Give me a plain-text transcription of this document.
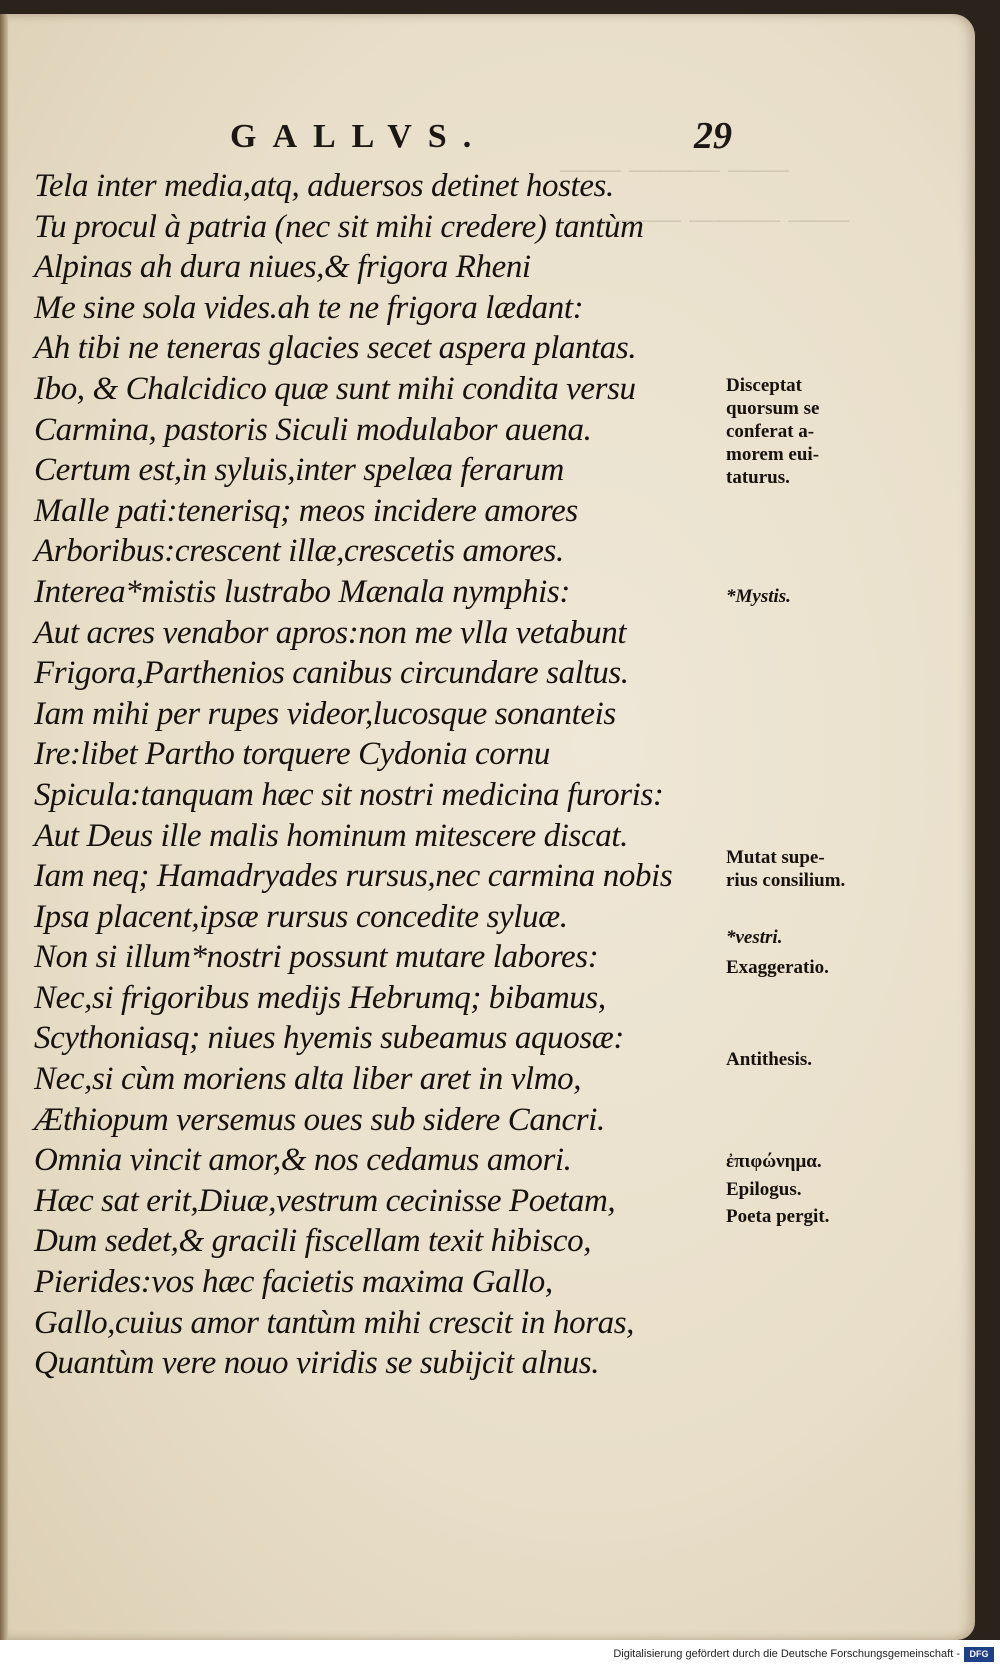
—— ——— ——
———— ——— ——
GALLVS.	29
Tela inter media,atq, aduersos detinet hostes.
Tu procul à patria (nec sit mihi credere) tantùm
Alpinas ah dura niues,& frigora Rheni
Me sine sola vides.ah te ne frigora lædant:
Ah tibi ne teneras glacies secet aspera plantas.
Ibo, & Chalcidico quæ sunt mihi condita versu
Carmina, pastoris Siculi modulabor auena.
Certum est,in syluis,inter spelæa ferarum
Malle pati:tenerisq; meos incidere amores
Arboribus:crescent illæ,crescetis amores.
Interea*mistis lustrabo Mænala nymphis:
Aut acres venabor apros:non me vlla vetabunt
Frigora,Parthenios canibus circundare saltus.
Iam mihi per rupes videor,lucosque sonanteis
Ire:libet Partho torquere Cydonia cornu
Spicula:tanquam hæc sit nostri medicina furoris:
Aut Deus ille malis hominum mitescere discat.
Iam neq; Hamadryades rursus,nec carmina nobis
Ipsa placent,ipsæ rursus concedite syluæ.
Non si illum*nostri possunt mutare labores:
Nec,si frigoribus medijs Hebrumq; bibamus,
Scythoniasq; niues hyemis subeamus aquosæ:
Nec,si cùm moriens alta liber aret in vlmo,
Æthiopum versemus oues sub sidere Cancri.
Omnia vincit amor,& nos cedamus amori.
Hæc sat erit,Diuæ,vestrum cecinisse Poetam,
Dum sedet,& gracili fiscellam texit hibisco,
Pierides:vos hæc facietis maxima Gallo,
Gallo,cuius amor tantùm mihi crescit in horas,
Quantùm vere nouo viridis se subijcit alnus.
Disceptat
quorsum se
conferat a-
morem eui-
taturus.
*Mystis.
Mutat supe-
rius consilium.
*vestri.
Exaggeratio.
Antithesis.
ἐπιφώνημα.
Epilogus.
Poeta pergit.
Digitalisierung gefördert durch die Deutsche Forschungsgemeinschaft -	DFG
